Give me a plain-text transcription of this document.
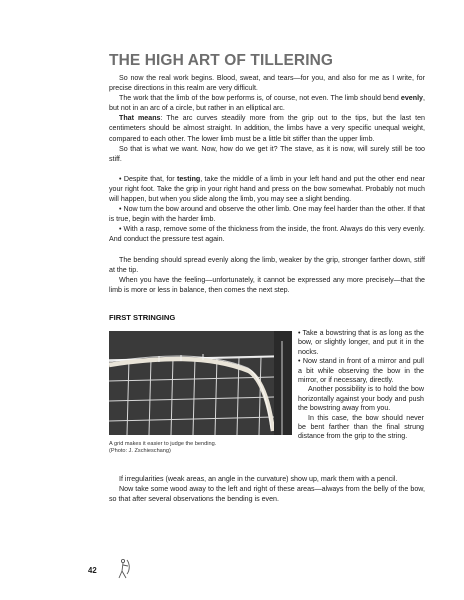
THE HIGH ART OF TILLERING

So now the real work begins. Blood, sweat, and tears—for you, and also for me as I write, for precise directions in this realm are very difficult.

The work that the limb of the bow performs is, of course, not even. The limb should bend evenly, but not in an arc of a circle, but rather in an elliptical arc.

That means: The arc curves steadily more from the grip out to the tips, but the last ten centimeters should be almost straight. In addition, the limbs have a very specific unequal weight, compared to each other. The lower limb must be a little bit stiffer than the upper limb.

So that is what we want. Now, how do we get it? The stave, as it is now, will surely still be too stiff.

• Despite that, for testing, take the middle of a limb in your left hand and put the other end near your right foot. Take the grip in your right hand and press on the bow somewhat. Probably not much will happen, but when you slide along the limb, you may see a slight bending.

• Now turn the bow around and observe the other limb. One may feel harder than the other. If that is true, begin with the harder limb.

• With a rasp, remove some of the thickness from the inside, the front. Always do this very evenly. And conduct the pressure test again.

The bending should spread evenly along the limb, weaker by the grip, stronger farther down, stiff at the tip.

When you have the feeling—unfortunately, it cannot be expressed any more precisely—that the limb is more or less in balance, then comes the next step.

FIRST STRINGING
A grid makes it easier to judge the bending.
(Photo: J. Zschieschang)

• Take a bowstring that is as long as the bow, or slightly longer, and put it in the nocks.

• Now stand in front of a mirror and pull a bit while observing the bow in the mirror, or if necessary, directly.

Another possibility is to hold the bow horizontally against your body and push the bowstring away from you.

In this case, the bow should never be bent farther than the final strung distance from the grip to the string.

If irregularities (weak areas, an angle in the curvature) show up, mark them with a pencil.

Now take some wood away to the left and right of these areas—always from the belly of the bow, so that after several observations the bending is even.

42
